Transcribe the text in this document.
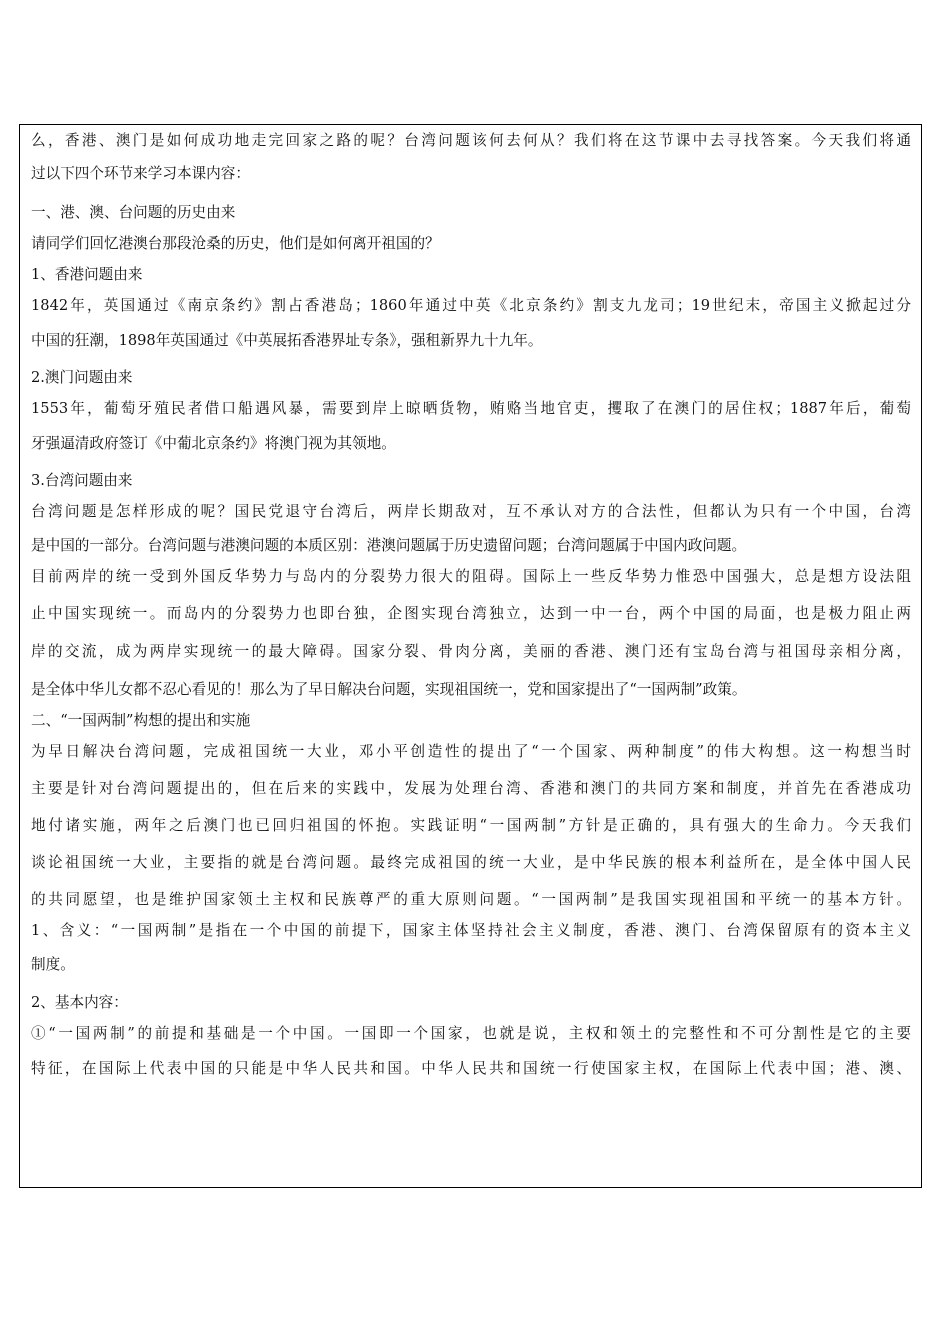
么，香港、澳门是如何成功地走完回家之路的呢？台湾问题该何去何从？我们将在这节课中去寻找答案。今天我们将通
过以下四个环节来学习本课内容：
一、港、澳、台问题的历史由来
请同学们回忆港澳台那段沧桑的历史，他们是如何离开祖国的？
1、香港问题由来
1842年，英国通过《南京条约》割占香港岛；1860年通过中英《北京条约》割支九龙司；19世纪末，帝国主义掀起过分
中国的狂潮，1898年英国通过《中英展拓香港界址专条》，强租新界九十九年。
2.澳门问题由来
1553年，葡萄牙殖民者借口船遇风暴，需要到岸上晾晒货物，贿赂当地官吏，攫取了在澳门的居住权；1887年后，葡萄
牙强逼清政府签订《中葡北京条约》将澳门视为其领地。
3.台湾问题由来
台湾问题是怎样形成的呢？国民党退守台湾后，两岸长期敌对，互不承认对方的合法性，但都认为只有一个中国，台湾
是中国的一部分。台湾问题与港澳问题的本质区别：港澳问题属于历史遗留问题；台湾问题属于中国内政问题。
目前两岸的统一受到外国反华势力与岛内的分裂势力很大的阻碍。国际上一些反华势力惟恐中国强大，总是想方设法阻
止中国实现统一。而岛内的分裂势力也即台独，企图实现台湾独立，达到一中一台，两个中国的局面，也是极力阻止两
岸的交流，成为两岸实现统一的最大障碍。国家分裂、骨肉分离，美丽的香港、澳门还有宝岛台湾与祖国母亲相分离，
是全体中华儿女都不忍心看见的！那么为了早日解决台问题，实现祖国统一，党和国家提出了“一国两制”政策。
二、“一国两制”构想的提出和实施
为早日解决台湾问题，完成祖国统一大业，邓小平创造性的提出了“一个国家、两种制度”的伟大构想。这一构想当时
主要是针对台湾问题提出的，但在后来的实践中，发展为处理台湾、香港和澳门的共同方案和制度，并首先在香港成功
地付诸实施，两年之后澳门也已回归祖国的怀抱。实践证明“一国两制”方针是正确的，具有强大的生命力。今天我们
谈论祖国统一大业，主要指的就是台湾问题。最终完成祖国的统一大业，是中华民族的根本利益所在，是全体中国人民
的共同愿望，也是维护国家领土主权和民族尊严的重大原则问题。“一国两制”是我国实现祖国和平统一的基本方针。
1、含义：“一国两制”是指在一个中国的前提下，国家主体坚持社会主义制度，香港、澳门、台湾保留原有的资本主义
制度。
2、基本内容：
①“一国两制”的前提和基础是一个中国。一国即一个国家，也就是说，主权和领土的完整性和不可分割性是它的主要
特征，在国际上代表中国的只能是中华人民共和国。中华人民共和国统一行使国家主权，在国际上代表中国；港、澳、
